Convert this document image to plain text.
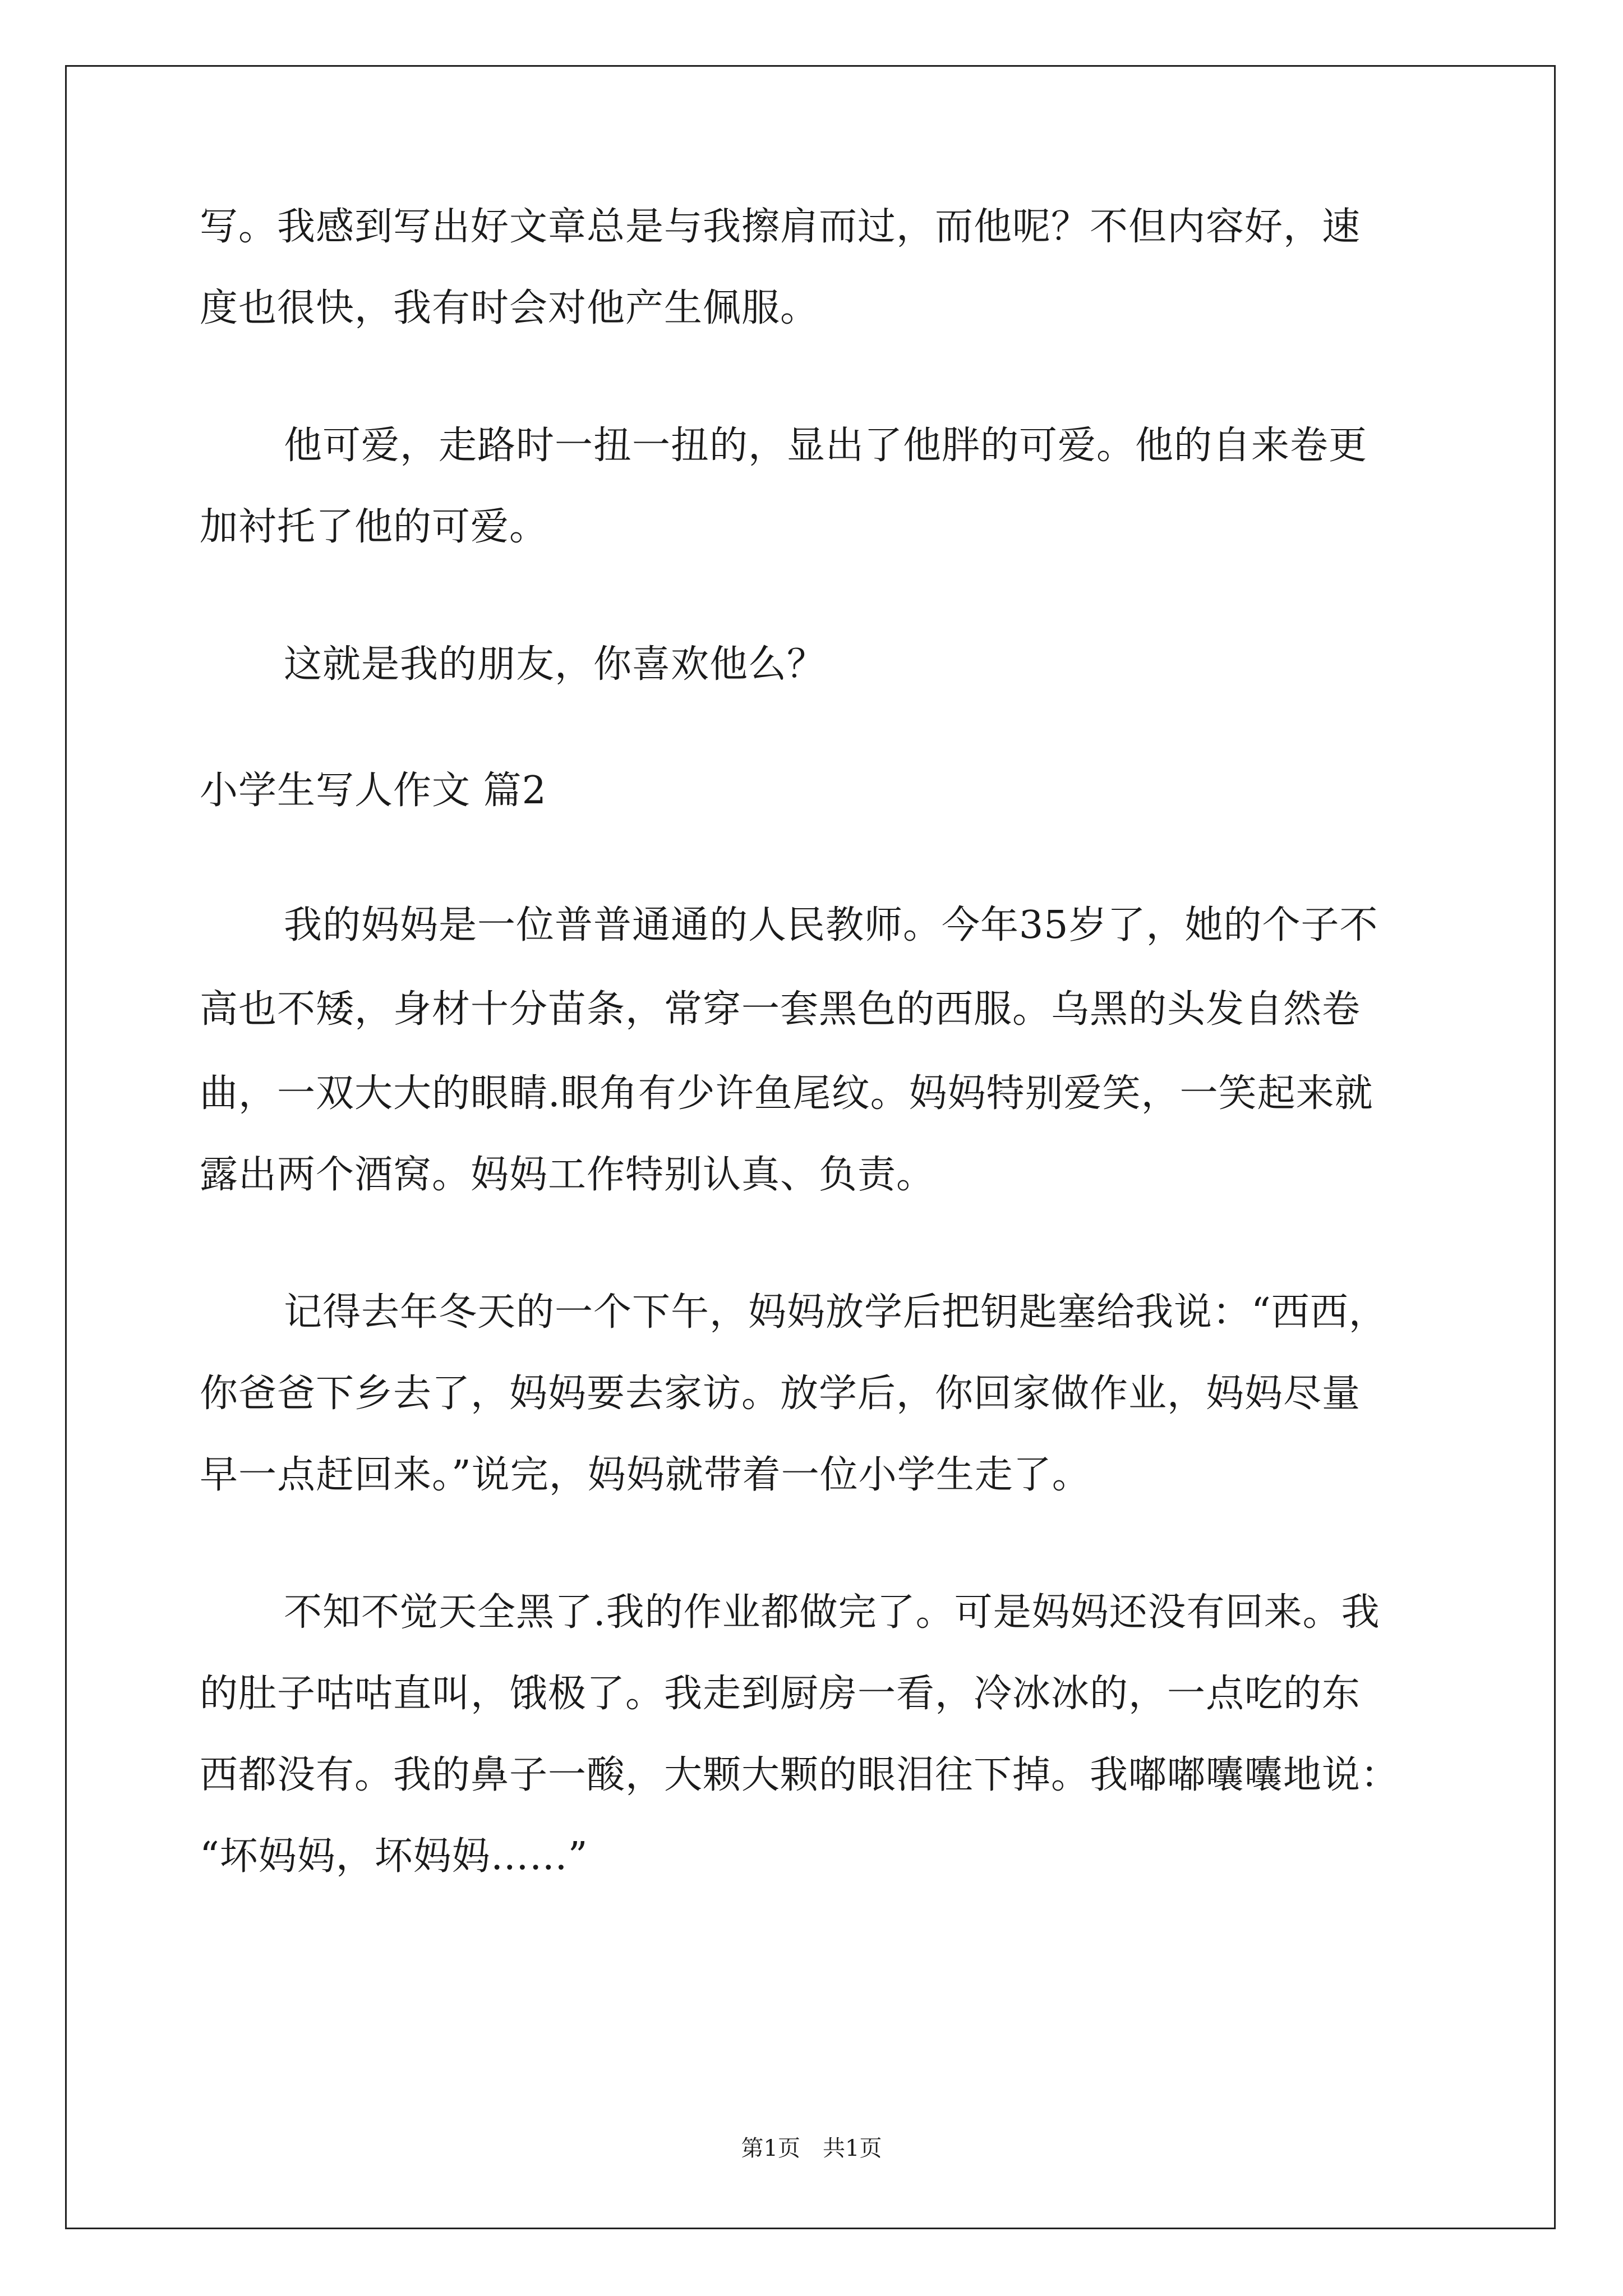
写。我感到写出好文章总是与我擦肩而过，而他呢？不但内容好，速
度也很快，我有时会对他产生佩服。
他可爱，走路时一扭一扭的，显出了他胖的可爱。他的自来卷更
加衬托了他的可爱。
这就是我的朋友，你喜欢他么？
小学生写人作文 篇2
我的妈妈是一位普普通通的人民教师。今年35岁了，她的个子不
高也不矮，身材十分苗条，常穿一套黑色的西服。乌黑的头发自然卷
曲，一双大大的眼睛.眼角有少许鱼尾纹。妈妈特别爱笑，一笑起来就
露出两个酒窝。妈妈工作特别认真、负责。
记得去年冬天的一个下午，妈妈放学后把钥匙塞给我说：“西西，
你爸爸下乡去了，妈妈要去家访。放学后，你回家做作业，妈妈尽量
早一点赶回来。”说完，妈妈就带着一位小学生走了。
不知不觉天全黑了.我的作业都做完了。可是妈妈还没有回来。我
的肚子咕咕直叫，饿极了。我走到厨房一看，冷冰冰的，一点吃的东
西都没有。我的鼻子一酸，大颗大颗的眼泪往下掉。我嘟嘟囔囔地说：
“坏妈妈，坏妈妈……”
第1页　共1页
